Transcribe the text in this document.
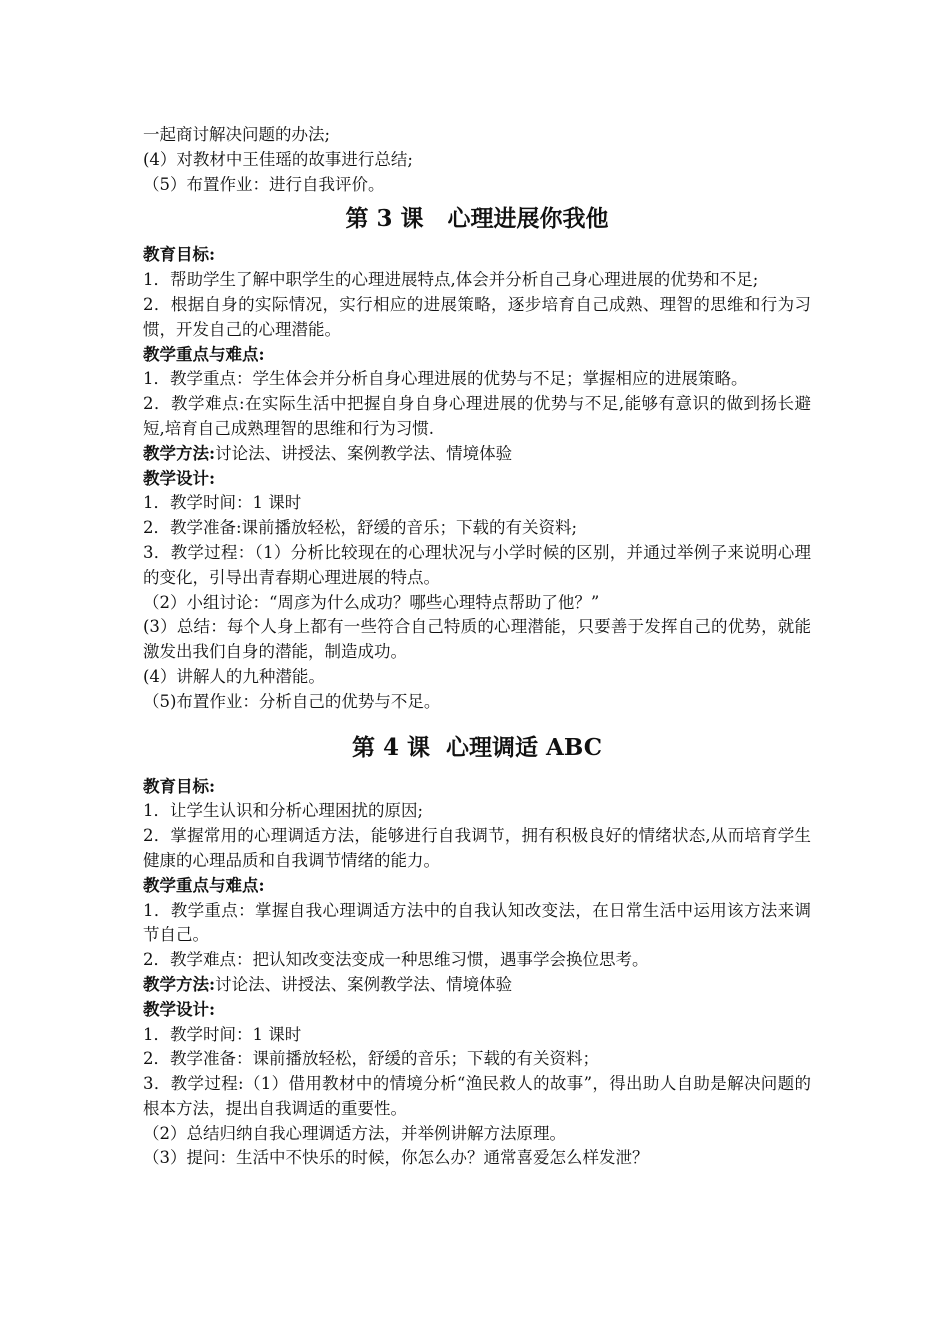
一起商讨解决问题的办法;
(4）对教材中王佳瑶的故事进行总结;
（5）布置作业：进行自我评价。
第 3 课   心理进展你我他
教育目标:
1．帮助学生了解中职学生的心理进展特点,体会并分析自己身心理进展的优势和不足;
2．根据自身的实际情况，实行相应的进展策略，逐步培育自己成熟、理智的思维和行为习惯，开发自己的心理潜能。
教学重点与难点:
1．教学重点：学生体会并分析自身心理进展的优势与不足；掌握相应的进展策略。
2．教学难点:在实际生活中把握自身自身心理进展的优势与不足,能够有意识的做到扬长避短,培育自己成熟理智的思维和行为习惯.
教学方法:讨论法、讲授法、案例教学法、情境体验
教学设计:
1．教学时间：1 课时
2．教学准备:课前播放轻松，舒缓的音乐；下载的有关资料;
3．教学过程：（1）分析比较现在的心理状况与小学时候的区别，并通过举例子来说明心理的变化，引导出青春期心理进展的特点。
（2）小组讨论：“周彦为什么成功？哪些心理特点帮助了他？”
(3）总结：每个人身上都有一些符合自己特质的心理潜能，只要善于发挥自己的优势，就能激发出我们自身的潜能，制造成功。
(4）讲解人的九种潜能。
（5)布置作业：分析自己的优势与不足。
第 4 课  心理调适 ABC
教育目标:
1．让学生认识和分析心理困扰的原因;
2．掌握常用的心理调适方法，能够进行自我调节，拥有积极良好的情绪状态,从而培育学生健康的心理品质和自我调节情绪的能力。
教学重点与难点:
1．教学重点：掌握自我心理调适方法中的自我认知改变法，在日常生活中运用该方法来调节自己。
2．教学难点：把认知改变法变成一种思维习惯，遇事学会换位思考。
教学方法:讨论法、讲授法、案例教学法、情境体验
教学设计:
1．教学时间：1 课时
2．教学准备：课前播放轻松，舒缓的音乐；下载的有关资料；
3．教学过程:（1）借用教材中的情境分析“渔民救人的故事”，得出助人自助是解决问题的根本方法，提出自我调适的重要性。
（2）总结归纳自我心理调适方法，并举例讲解方法原理。
（3）提问：生活中不快乐的时候，你怎么办？通常喜爱怎么样发泄？
